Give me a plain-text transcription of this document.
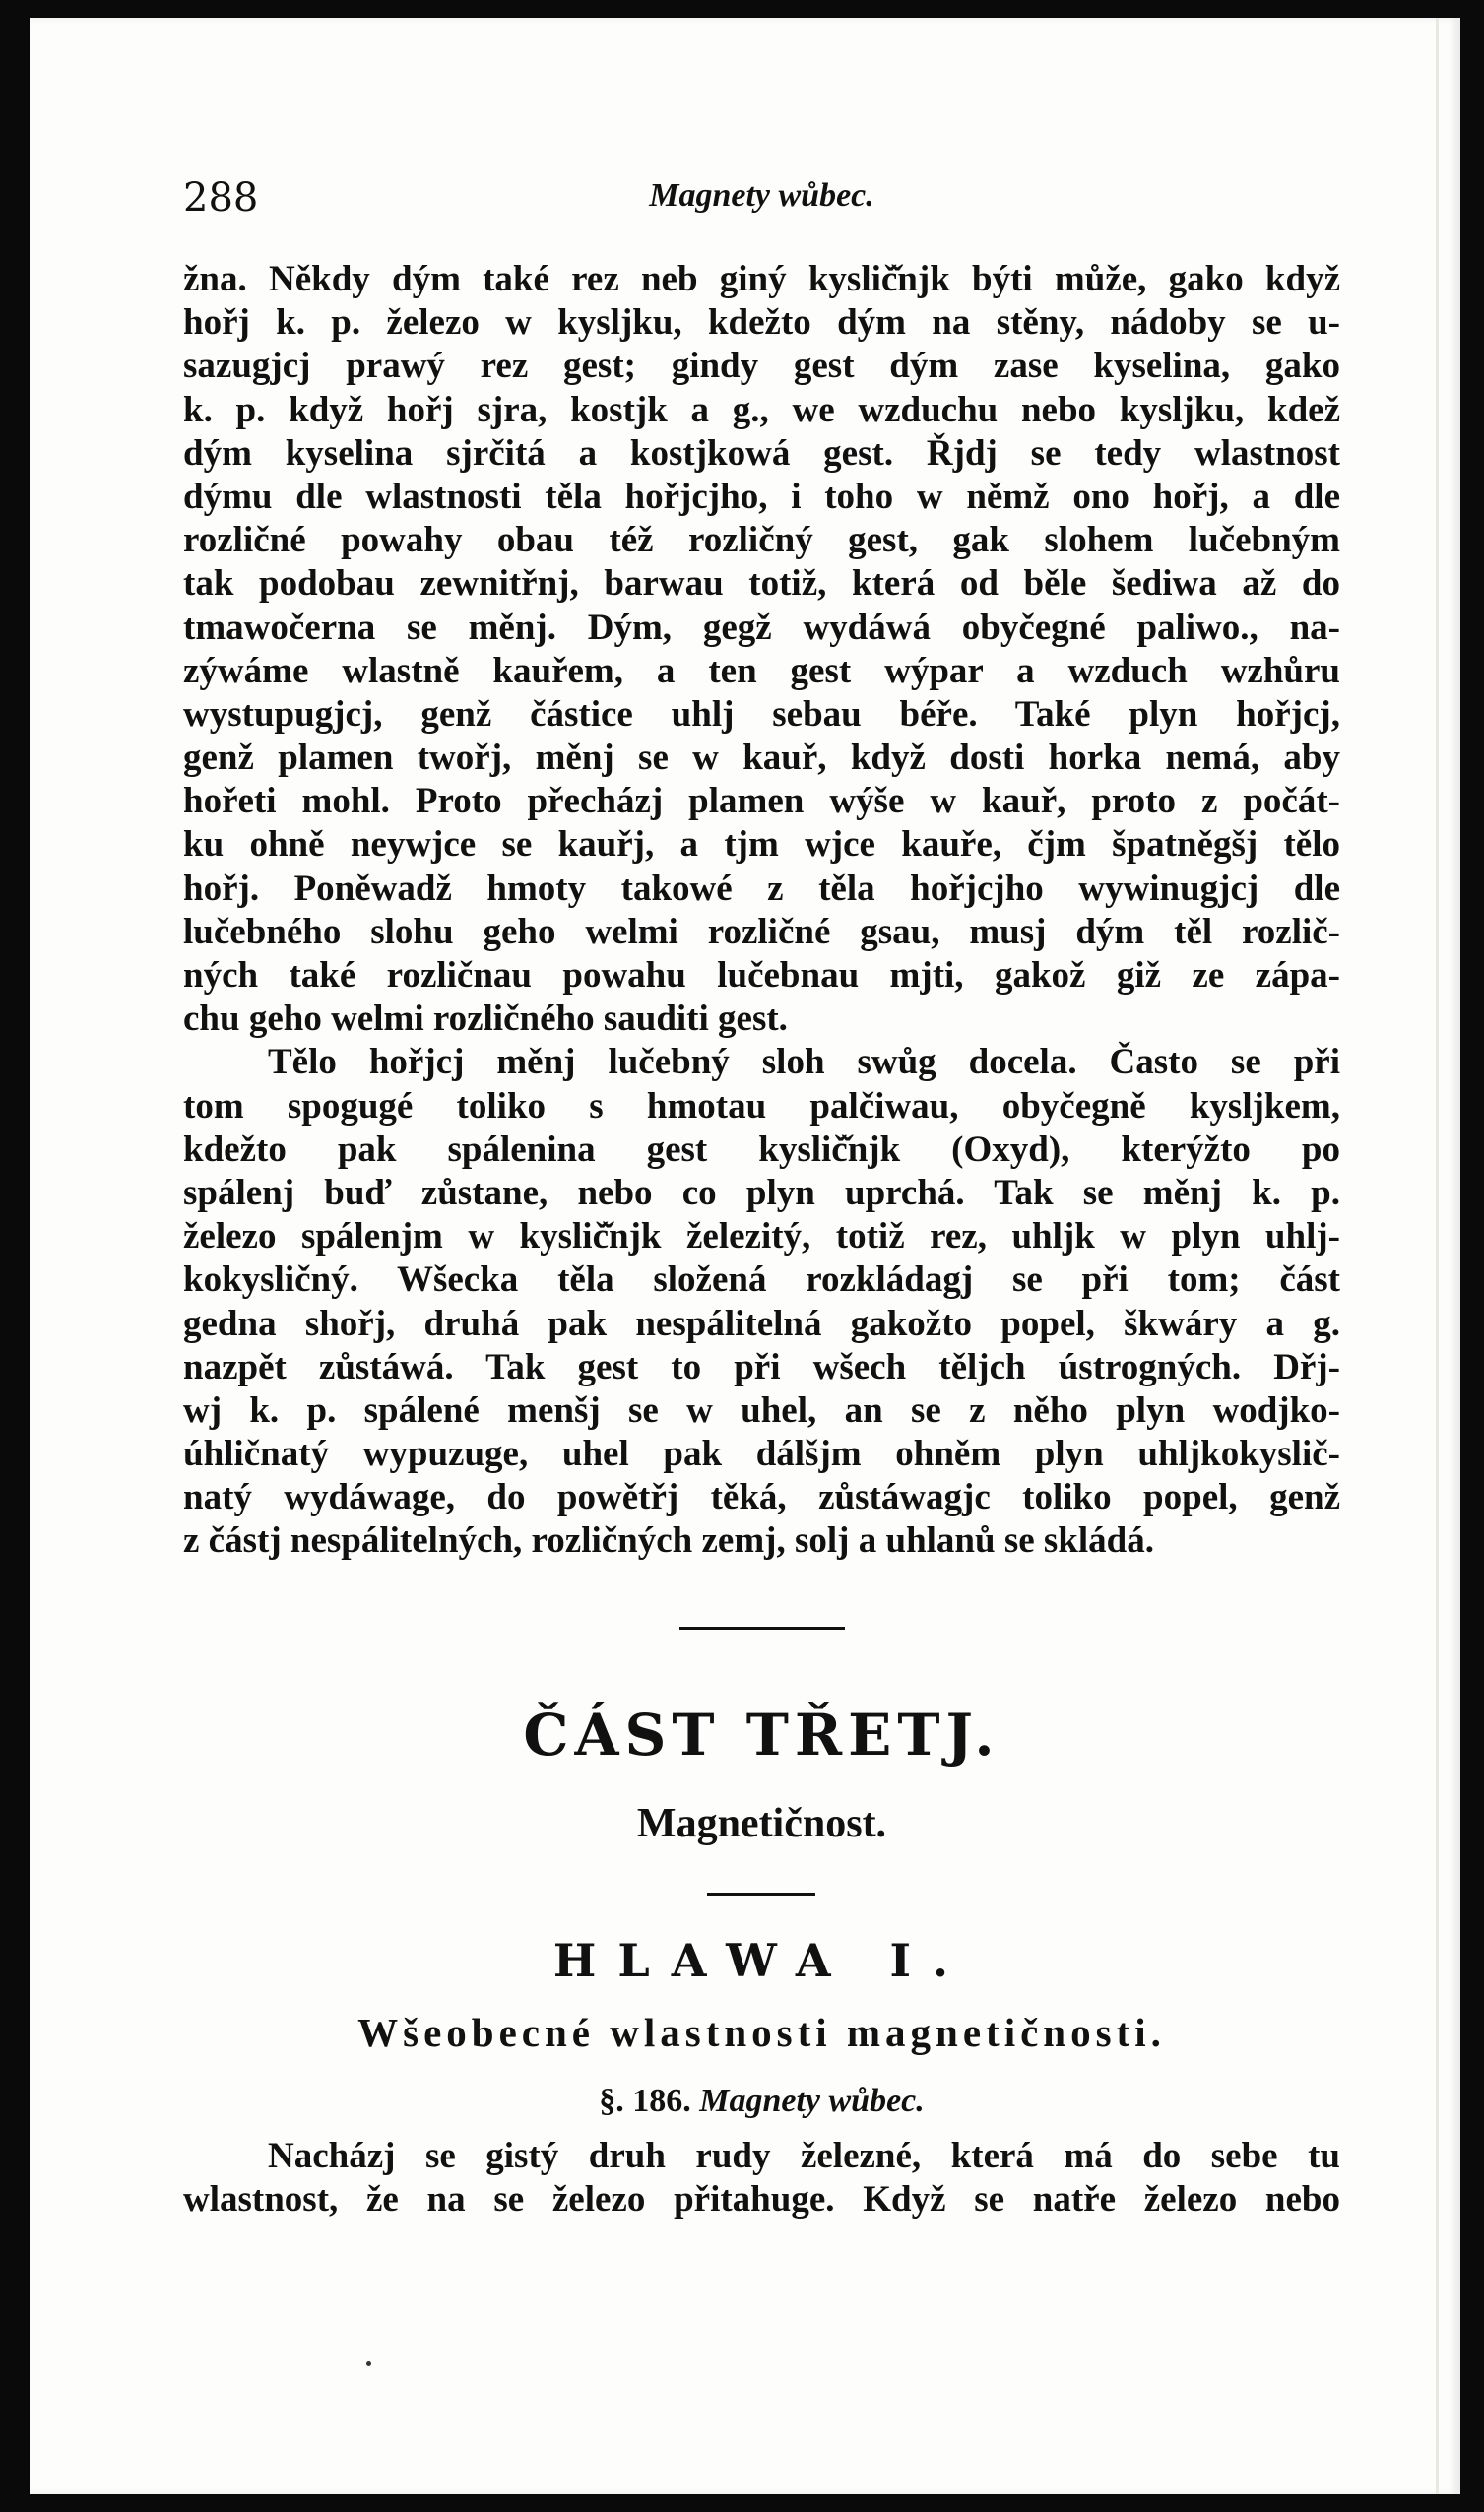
288	Magnety wůbec.
žna. Někdy dým také rez neb giný kyslič̌njk býti může, gako když
hořj k. p. železo w kysljku, kdežto dým na stěny, nádoby se u-
sazugjcj prawý rez gest; gindy gest dým zase kyselina, gako
k. p. když hořj sjra, kostjk a g., we wzduchu nebo kysljku, kdež
dým kyselina sjrčitá a kostjkowá gest. Řjdj se tedy wlastnost
dýmu dle wlastnosti těla hořjcjho, i toho w němž ono hořj, a dle
rozličné powahy obau též rozličný gest, gak slohem lučebným
tak podobau zewnitřnj, barwau totiž, která od běle šediwa až do
tmawočerna se měnj. Dým, gegž wydáwá obyčegné paliwo., na-
zýwáme wlastně kauřem, a ten gest wýpar a wzduch wzhůru
wystupugjcj, genž částice uhlj sebau béře. Také plyn hořjcj,
genž plamen twořj, měnj se w kauř, když dosti horka nemá, aby
hořeti mohl. Proto přecházj plamen wýše w kauř, proto z počát-
ku ohně neywjce se kauřj, a tjm wjce kauře, čjm špatněgšj tělo
hořj. Poněwadž hmoty takowé z těla hořjcjho wywinugjcj dle
lučebného slohu geho welmi rozličné gsau, musj dým těl rozlič-
ných také rozličnau powahu lučebnau mjti, gakož giž ze zápa-
chu geho welmi rozličného sauditi gest.
Tělo hořjcj měnj lučebný sloh swůg docela. Často se při
tom spogugé toliko s hmotau palčiwau, obyčegně kysljkem,
kdežto pak spálenina gest kyslič̌njk (Oxyd), kterýžto po
spálenj buď zůstane, nebo co plyn uprchá. Tak se měnj k. p.
železo spálenjm w kyslič̌njk železitý, totiž rez, uhljk w plyn uhlj-
kokysličný. Wšecka těla složená rozkládagj se při tom; část
gedna shořj, druhá pak nespálitelná gakožto popel, škwáry a g.
nazpět zůstáwá. Tak gest to při wšech těljch ústrogných. Dřj-
wj k. p. spálené menšj se w uhel, an se z něho plyn wodjko-
úhličnatý wypuzuge, uhel pak dálšjm ohněm plyn uhljkokyslič-
natý wydáwage, do powětřj těká, zůstáwagjc toliko popel, genž
z částj nespálitelných, rozličných zemj, solj a uhlanů se skládá.
ČÁST TŘETJ.
Magnetičnost.
HLAWA I.
Wšeobecné wlastnosti magnetičnosti.
§. 186. Magnety wůbec.
Nacházj se gistý druh rudy železné, která má do sebe tu
wlastnost, že na se železo přitahuge. Když se natře železo nebo
